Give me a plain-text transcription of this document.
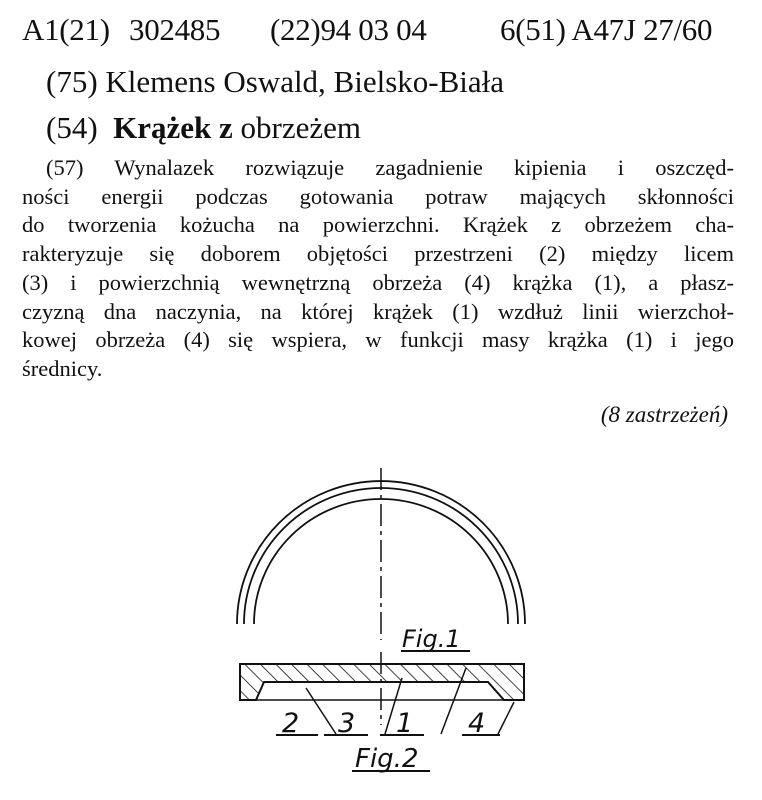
A1(21) 302485 (22)94 03 04 6(51) A47J 27/60
(75) Klemens Oswald, Bielsko-Biała
(54) Krążek z obrzeżem
(57) Wynalazek rozwiązuje zagadnienie kipienia i oszczęd-
ności energii podczas gotowania potraw mających skłonności
do tworzenia kożucha na powierzchni. Krążek z obrzeżem cha-
rakteryzuje się doborem objętości przestrzeni (2) między licem
(3) i powierzchnią wewnętrzną obrzeża (4) krążka (1), a płasz-
czyzną dna naczynia, na której krążek (1) wzdłuż linii wierzchoł-
kowej obrzeża (4) się wspiera, w funkcji masy krążka (1) i jego
średnicy.
(8 zastrzeżeń)
Fig.1
2 3 1 4
Fig.2
